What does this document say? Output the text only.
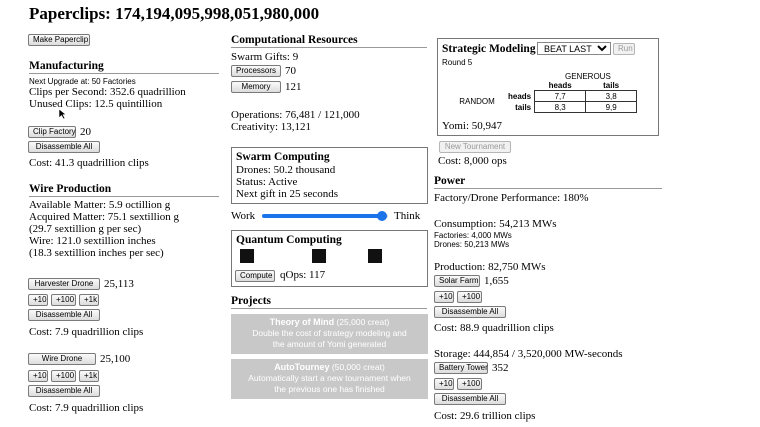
Paperclips: 174,194,095,998,051,980,000
Make Paperclip
Manufacturing
Next Upgrade at: 50 Factories
Clips per Second: 352.6 quadrillion
Unused Clips: 12.5 quintillion
Clip Factory 20
Disassemble All
Cost: 41.3 quadrillion clips
Wire Production
Available Matter: 5.9 octillion g
Acquired Matter: 75.1 sextillion g
(29.7 sextillion g per sec)
Wire: 121.0 sextillion inches
(18.3 sextillion inches per sec)
Harvester Drone 25,113
+10	+100	+1k
Disassemble All
Cost: 7.9 quadrillion clips
Wire Drone	25,100
+10	+100	+1k
Disassemble All
Cost: 7.9 quadrillion clips
Computational Resources
Swarm Gifts: 9
Processors 70
Memory	121
Operations: 76,481 / 121,000
Creativity: 13,121
Swarm Computing
Drones: 50.2 thousand
Status: Active
Next gift in 25 seconds
Work	Think
Quantum Computing
Compute qOps: 117
Projects
Theory of Mind (25,000 creat)
Double the cost of strategy modeling and
the amount of Yomi generated
AutoTourney (50,000 creat)
Automatically start a new tournament when
the previous one has finished
Strategic Modeling
BEAT LAST	Run
Round 5
GENEROUS
		heads	tails
RANDOM	heads	7,7	3,8
	tails	8,3	9,9
Yomi: 50,947
New Tournament
Cost: 8,000 ops
Power
Factory/Drone Performance: 180%
Consumption: 54,213 MWs
Factories: 4,000 MWs
Drones: 50,213 MWs
Production: 82,750 MWs
Solar Farm 1,655
+10	+100
Disassemble All
Cost: 88.9 quadrillion clips
Storage: 444,854 / 3,520,000 MW-seconds
Battery Tower 352
+10	+100
Disassemble All
Cost: 29.6 trillion clips
